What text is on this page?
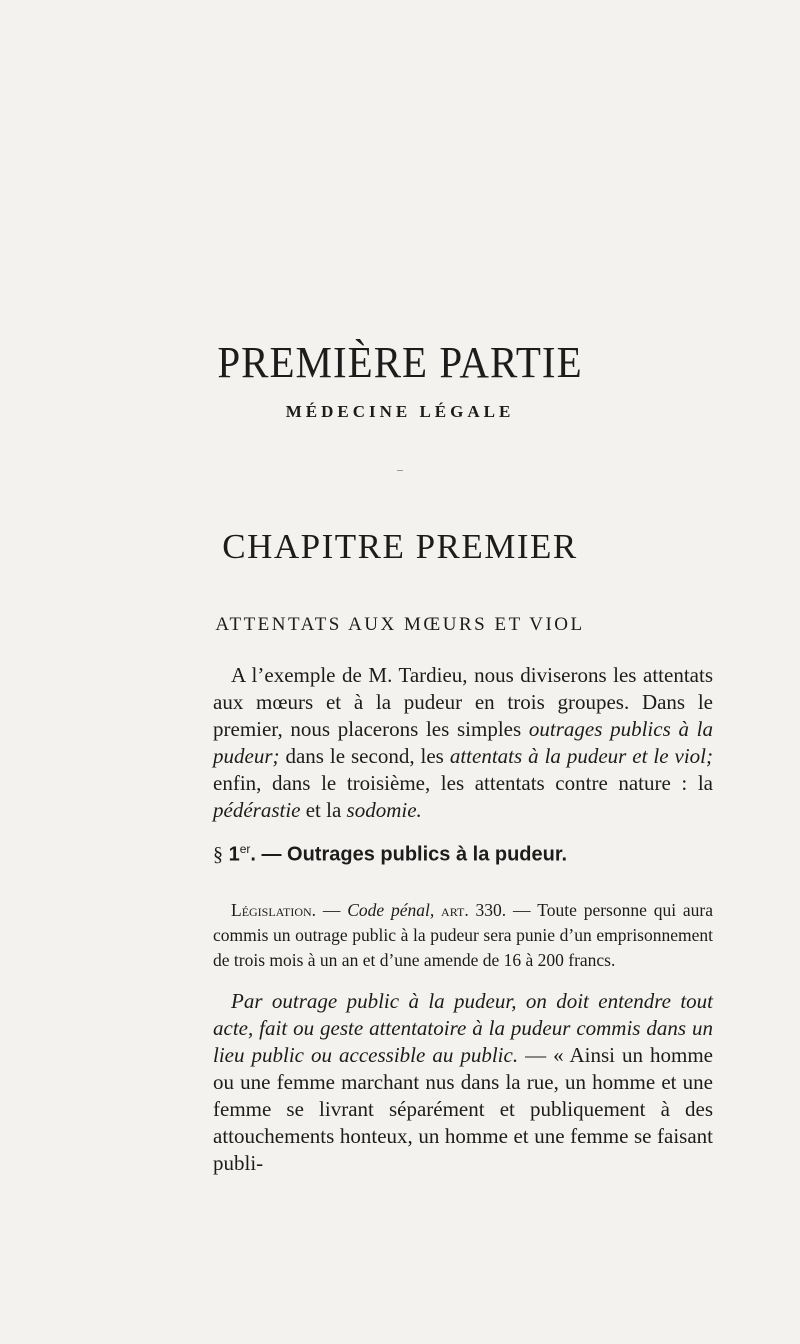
PREMIÈRE PARTIE
MÉDECINE LÉGALE
CHAPITRE PREMIER
ATTENTATS AUX MŒURS ET VIOL

A l’exemple de M. Tardieu, nous diviserons les attentats aux mœurs et à la pudeur en trois groupes. Dans le premier, nous placerons les simples outrages publics à la pudeur; dans le second, les attentats à la pudeur et le viol; enfin, dans le troisième, les attentats contre nature : la pédérastie et la sodomie.

§ 1er. — Outrages publics à la pudeur.

Législation. — Code pénal, art. 330. — Toute personne qui aura commis un outrage public à la pudeur sera punie d’un emprisonnement de trois mois à un an et d’une amende de 16 à 200 francs.

Par outrage public à la pudeur, on doit entendre tout acte, fait ou geste attentatoire à la pudeur commis dans un lieu public ou accessible au public. — « Ainsi un homme ou une femme marchant nus dans la rue, un homme et une femme se livrant séparément et publiquement à des attouchements honteux, un homme et une femme se faisant publi-
